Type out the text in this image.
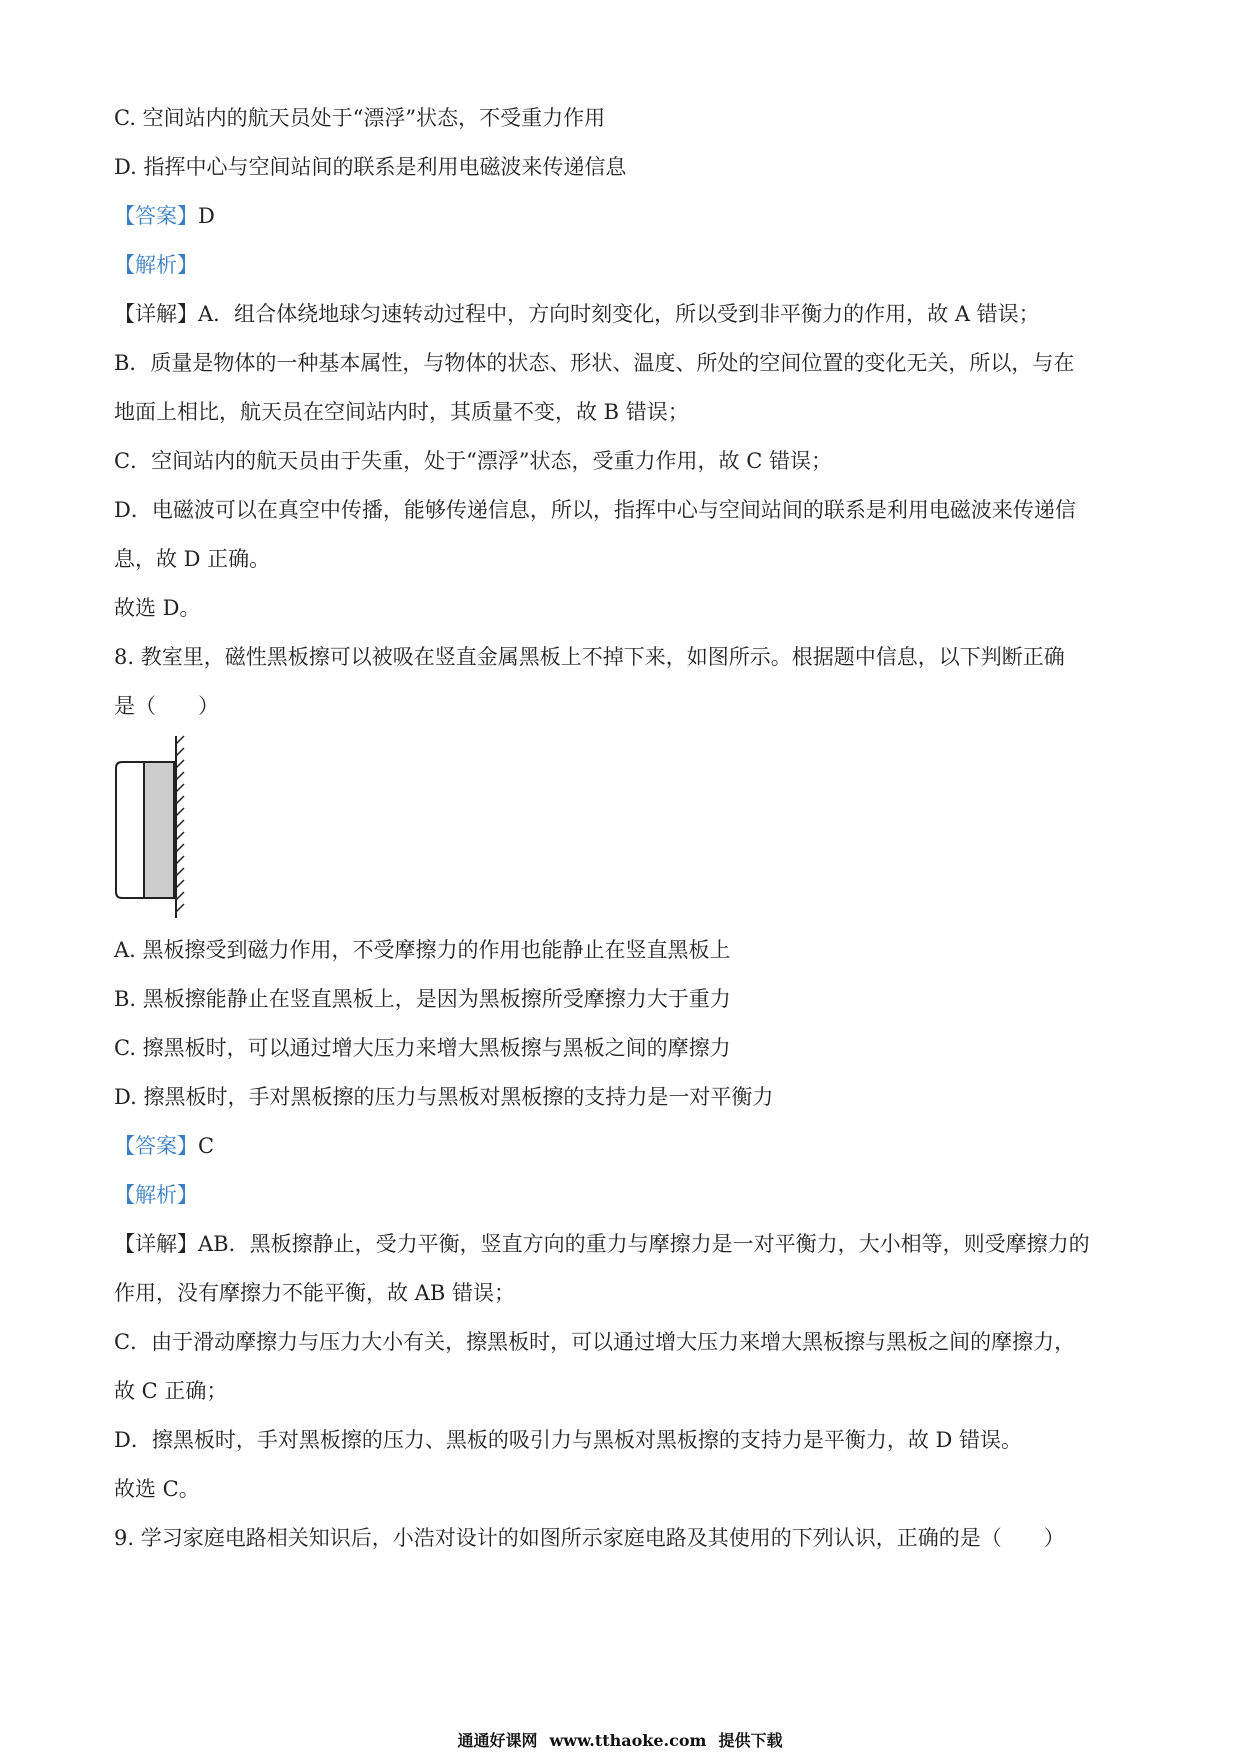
C. 空间站内的航天员处于“漂浮”状态，不受重力作用
D. 指挥中心与空间站间的联系是利用电磁波来传递信息
【答案】D
【解析】
【详解】A．组合体绕地球匀速转动过程中，方向时刻变化，所以受到非平衡力的作用，故 A 错误；
B．质量是物体的一种基本属性，与物体的状态、形状、温度、所处的空间位置的变化无关，所以，与在
地面上相比，航天员在空间站内时，其质量不变，故 B 错误；
C．空间站内的航天员由于失重，处于“漂浮”状态，受重力作用，故 C 错误；
D．电磁波可以在真空中传播，能够传递信息，所以，指挥中心与空间站间的联系是利用电磁波来传递信
息，故 D 正确。
故选 D。
8. 教室里，磁性黑板擦可以被吸在竖直金属黑板上不掉下来，如图所示。根据题中信息，以下判断正确
是（　　）
A. 黑板擦受到磁力作用，不受摩擦力的作用也能静止在竖直黑板上
B. 黑板擦能静止在竖直黑板上，是因为黑板擦所受摩擦力大于重力
C. 擦黑板时，可以通过增大压力来增大黑板擦与黑板之间的摩擦力
D. 擦黑板时，手对黑板擦的压力与黑板对黑板擦的支持力是一对平衡力
【答案】C
【解析】
【详解】AB．黑板擦静止，受力平衡，竖直方向的重力与摩擦力是一对平衡力，大小相等，则受摩擦力的
作用，没有摩擦力不能平衡，故 AB 错误；
C．由于滑动摩擦力与压力大小有关，擦黑板时，可以通过增大压力来增大黑板擦与黑板之间的摩擦力，
故 C 正确；
D．擦黑板时，手对黑板擦的压力、黑板的吸引力与黑板对黑板擦的支持力是平衡力，故 D 错误。
故选 C。
9. 学习家庭电路相关知识后，小浩对设计的如图所示家庭电路及其使用的下列认识，正确的是（　　）
通通好课网 www.tthaoke.com 提供下载
